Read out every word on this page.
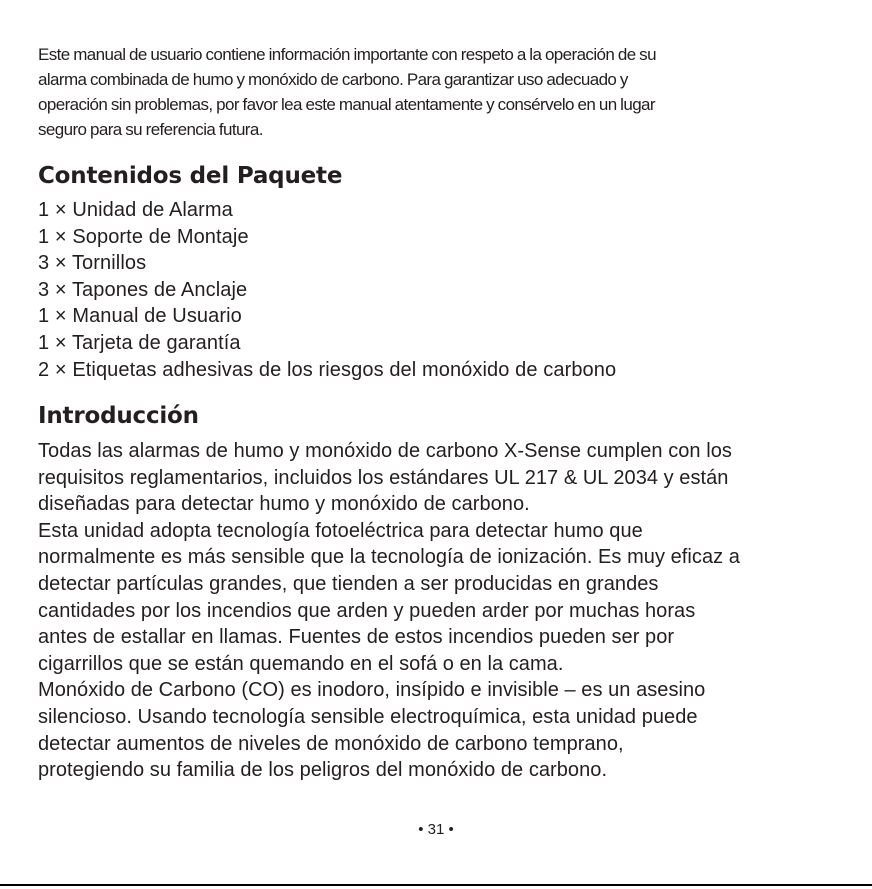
Este manual de usuario contiene información importante con respeto a la operación de su
alarma combinada de humo y monóxido de carbono. Para garantizar uso adecuado y
operación sin problemas, por favor lea este manual atentamente y consérvelo en un lugar
seguro para su referencia futura.
Contenidos del Paquete
1 × Unidad de Alarma
1 × Soporte de Montaje
3 × Tornillos
3 × Tapones de Anclaje
1 × Manual de Usuario
1 × Tarjeta de garantía
2 × Etiquetas adhesivas de los riesgos del monóxido de carbono
Introducción
Todas las alarmas de humo y monóxido de carbono X-Sense cumplen con los
requisitos reglamentarios, incluidos los estándares UL 217 & UL 2034 y están
diseñadas para detectar humo y monóxido de carbono.
Esta unidad adopta tecnología fotoeléctrica para detectar humo que
normalmente es más sensible que la tecnología de ionización. Es muy eficaz a
detectar partículas grandes, que tienden a ser producidas en grandes
cantidades por los incendios que arden y pueden arder por muchas horas
antes de estallar en llamas. Fuentes de estos incendios pueden ser por
cigarrillos que se están quemando en el sofá o en la cama.
Monóxido de Carbono (CO) es inodoro, insípido e invisible – es un asesino
silencioso. Usando tecnología sensible electroquímica, esta unidad puede
detectar aumentos de niveles de monóxido de carbono temprano,
protegiendo su familia de los peligros del monóxido de carbono.
• 31 •
